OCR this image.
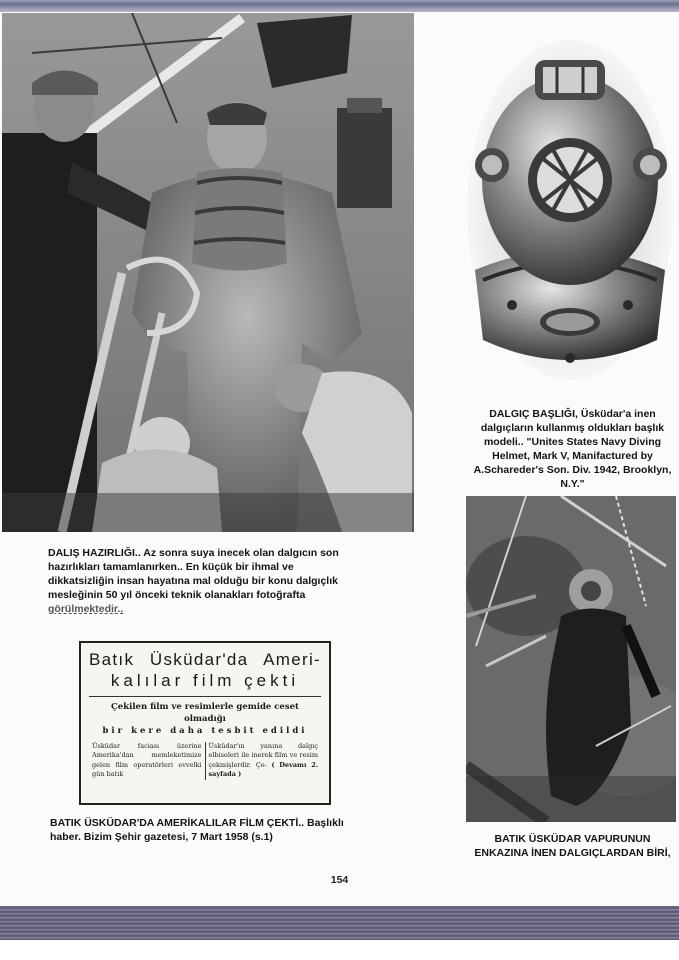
DALIŞ HAZIRLIĞI.. Az sonra suya inecek olan dalgıcın son hazırlıkları tamamlanırken.. En küçük bir ihmal ve dikkatsizliğin insan hayatına mal olduğu bir konu dalgıçlık mesleğinin 50 yıl önceki teknik olanakları fotoğrafta görülmektedir..

DALGIÇ BAŞLIĞI, Üsküdar'a inen dalgıçların kullanmış oldukları başlık modeli.. "Unites States Navy Diving Helmet, Mark V, Manifactured by A.Schareder's Son. Div. 1942, Brooklyn, N.Y."

Batık Üsküdar'da Ameri-
kalılar film çekti
Çekilen film ve resimlerle gemide ceset olmadığı
bir kere daha tesbit edildi
Üsküdar faciası üzerine Amerika'dan memleketimize gelen film operatörleri evvelki gün batık
Üsküdar'ın yanına dalgıç elbiseleri ile inerek film ve resim çekmişlerdir. Çe- ( Devamı 2. sayfada )

BATIK ÜSKÜDAR'DA AMERİKALILAR FİLM ÇEKTİ.. Başlıklı haber. Bizim Şehir gazetesi, 7 Mart 1958 (s.1)	BATIK ÜSKÜDAR VAPURUNUN ENKAZINA İNEN DALGIÇLARDAN BİRİ,

154
